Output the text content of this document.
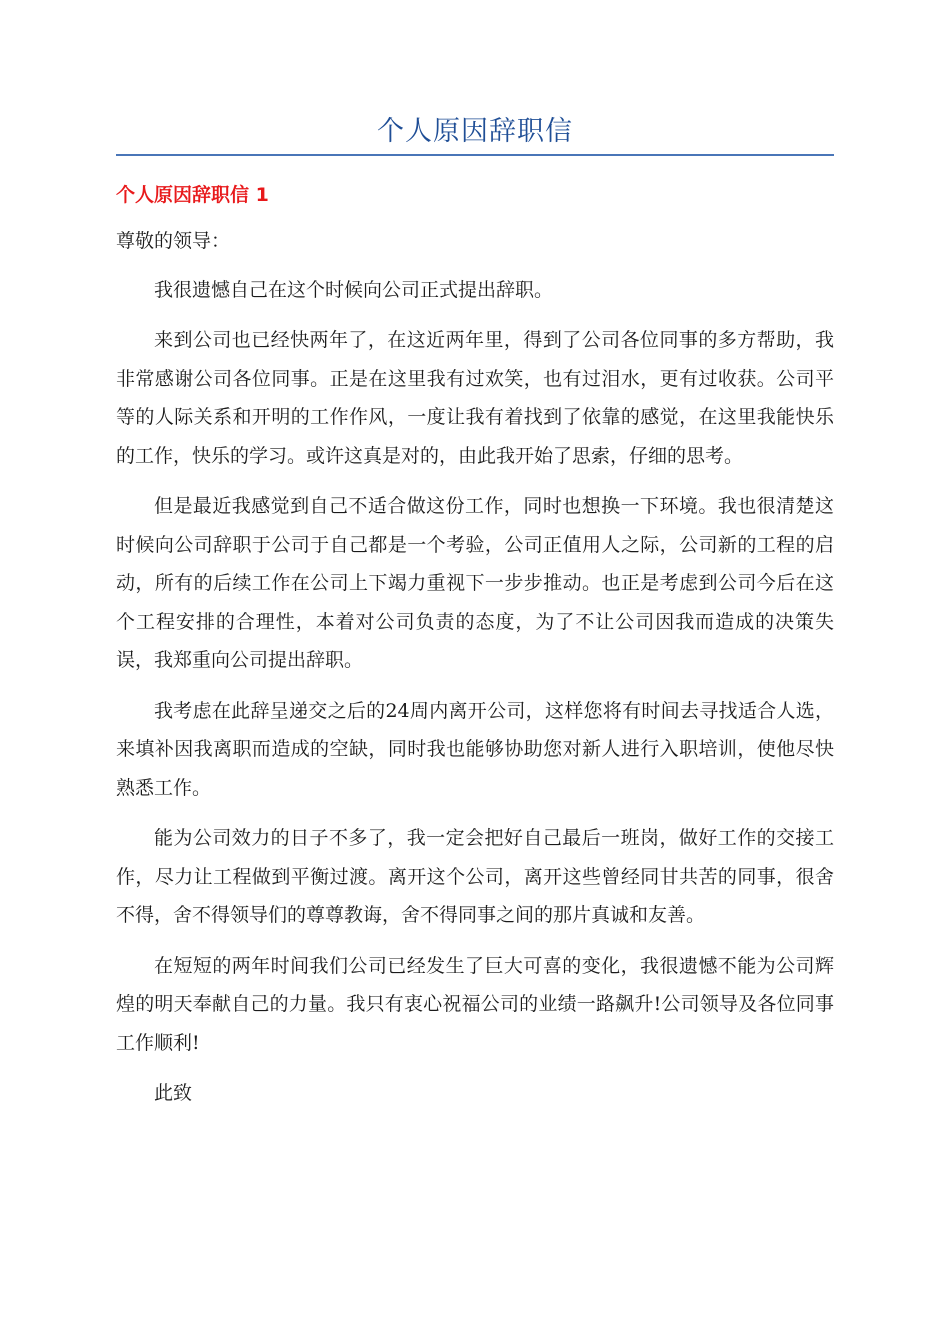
个人原因辞职信
个人原因辞职信 1

尊敬的领导：

我很遗憾自己在这个时候向公司正式提出辞职。

来到公司也已经快两年了，在这近两年里，得到了公司各位同事的多方帮助，我非常感谢公司各位同事。正是在这里我有过欢笑，也有过泪水，更有过收获。公司平等的人际关系和开明的工作作风，一度让我有着找到了依靠的感觉，在这里我能快乐的工作，快乐的学习。或许这真是对的，由此我开始了思索，仔细的思考。

但是最近我感觉到自己不适合做这份工作，同时也想换一下环境。我也很清楚这时候向公司辞职于公司于自己都是一个考验，公司正值用人之际，公司新的工程的启动，所有的后续工作在公司上下竭力重视下一步步推动。也正是考虑到公司今后在这个工程安排的合理性，本着对公司负责的态度，为了不让公司因我而造成的决策失误，我郑重向公司提出辞职。

我考虑在此辞呈递交之后的24周内离开公司，这样您将有时间去寻找适合人选，来填补因我离职而造成的空缺，同时我也能够协助您对新人进行入职培训，使他尽快熟悉工作。

能为公司效力的日子不多了，我一定会把好自己最后一班岗，做好工作的交接工作，尽力让工程做到平衡过渡。离开这个公司，离开这些曾经同甘共苦的同事，很舍不得，舍不得领导们的尊尊教诲，舍不得同事之间的那片真诚和友善。

在短短的两年时间我们公司已经发生了巨大可喜的变化，我很遗憾不能为公司辉煌的明天奉献自己的力量。我只有衷心祝福公司的业绩一路飙升!公司领导及各位同事工作顺利!

此致
